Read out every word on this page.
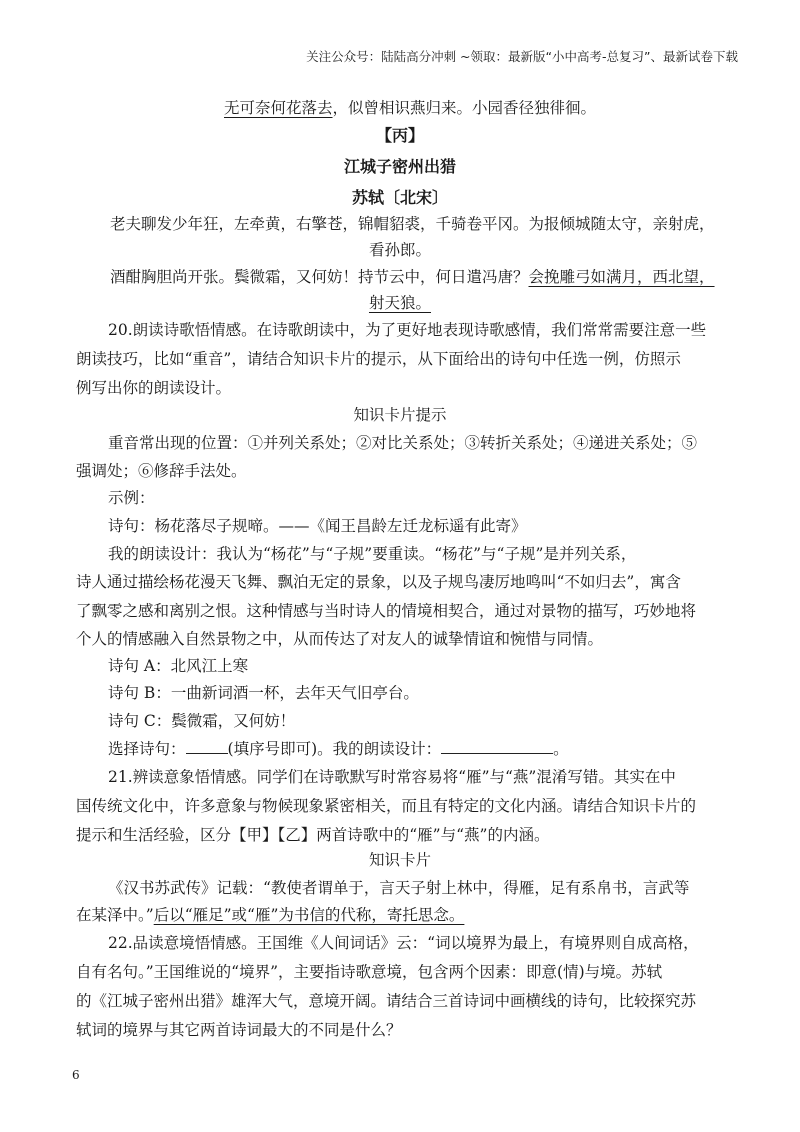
关注公众号：陆陆高分冲刺 ~领取：最新版“小中高考-总复习”、最新试卷下载
无可奈何花落去，似曾相识燕归来。小园香径独徘徊。
【丙】
江城子密州出猎
苏轼〔北宋〕
老夫聊发少年狂，左牵黄，右擎苍，锦帽貂裘，千骑卷平冈。为报倾城随太守，亲射虎，
看孙郎。
酒酣胸胆尚开张。鬓微霜，又何妨！持节云中，何日遣冯唐？会挽雕弓如满月，西北望，
射天狼。
20.朗读诗歌悟情感。在诗歌朗读中，为了更好地表现诗歌感情，我们常常需要注意一些
朗读技巧，比如“重音”，请结合知识卡片的提示，从下面给出的诗句中任选一例，仿照示
例写出你的朗读设计。
知识卡片提示
重音常出现的位置：①并列关系处；②对比关系处；③转折关系处；④递进关系处；⑤
强调处；⑥修辞手法处。
示例：
诗句：杨花落尽子规啼。——《闻王昌龄左迁龙标遥有此寄》
我的朗读设计：我认为“杨花”与“子规”要重读。“杨花”与“子规”是并列关系，
诗人通过描绘杨花漫天飞舞、飘泊无定的景象，以及子规鸟凄厉地鸣叫“不如归去”，寓含
了飘零之感和离别之恨。这种情感与当时诗人的情境相契合，通过对景物的描写，巧妙地将
个人的情感融入自然景物之中，从而传达了对友人的诚挚情谊和惋惜与同情。
诗句 A：北风江上寒
诗句 B：一曲新词酒一杯，去年天气旧亭台。
诗句 C：鬓微霜，又何妨！
选择诗句：	(填序号即可)。我的朗读设计：	。
21.辨读意象悟情感。同学们在诗歌默写时常容易将“雁”与“燕”混淆写错。其实在中
国传统文化中，许多意象与物候现象紧密相关，而且有特定的文化内涵。请结合知识卡片的
提示和生活经验，区分【甲】【乙】两首诗歌中的“雁”与“燕”的内涵。
知识卡片
《汉书苏武传》记载：“教使者谓单于，言天子射上林中，得雁，足有系帛书，言武等
在某泽中。”后以“雁足”或“雁”为书信的代称，寄托思念。
22.品读意境悟情感。王国维《人间词话》云：“词以境界为最上，有境界则自成高格，
自有名句。”王国维说的“境界”，主要指诗歌意境，包含两个因素：即意(情)与境。苏轼
的《江城子密州出猎》雄浑大气，意境开阔。请结合三首诗词中画横线的诗句，比较探究苏
轼词的境界与其它两首诗词最大的不同是什么？
6
